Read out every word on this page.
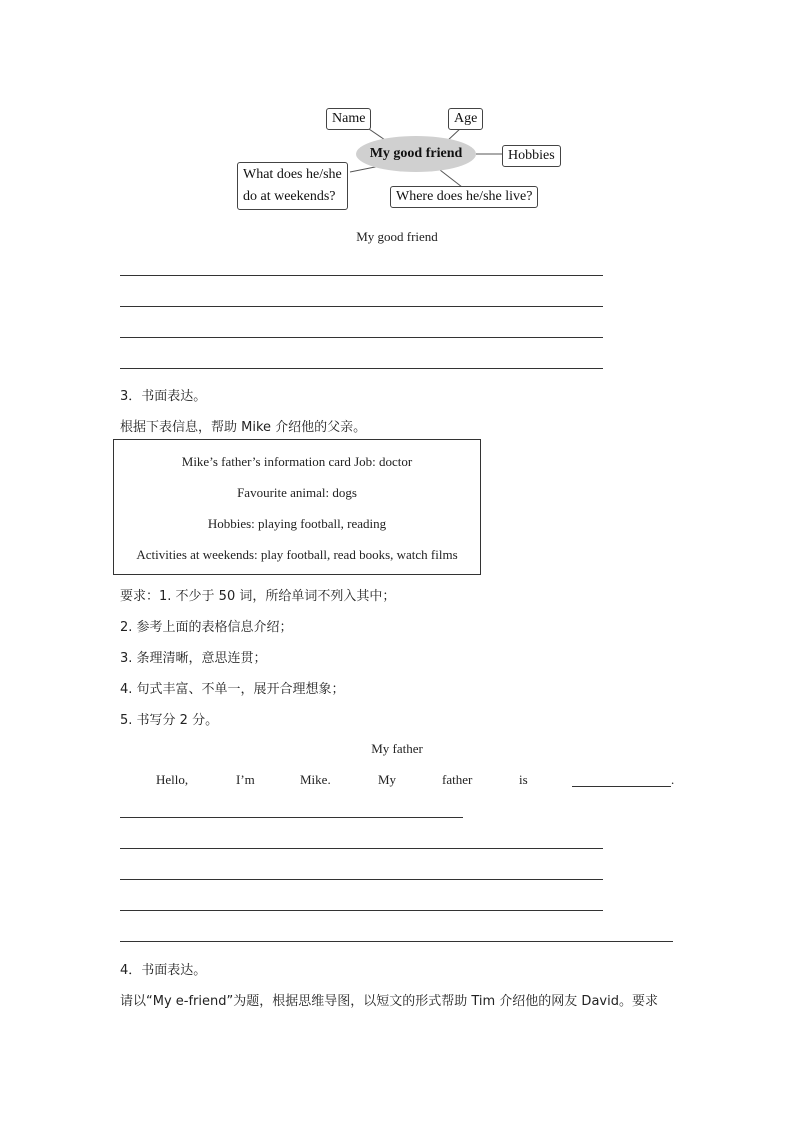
My good friend
Name	Age
Hobbies
What does he/she
do at weekends?	Where does he/she live?
My good friend
3．书面表达。
根据下表信息，帮助 Mike 介绍他的父亲。
Mike’s father’s information card Job: doctor
Favourite animal: dogs
Hobbies: playing football, reading
Activities at weekends: play football, read books, watch films
要求：1. 不少于 50 词，所给单词不列入其中；
2. 参考上面的表格信息介绍；
3. 条理清晰，意思连贯；
4. 句式丰富、不单一，展开合理想象；
5. 书写分 2 分。
My father
Hello,	I’m	Mike.	My	father	is	.
4．书面表达。
请以“My e-friend”为题，根据思维导图，以短文的形式帮助 Tim 介绍他的网友 David。要求
